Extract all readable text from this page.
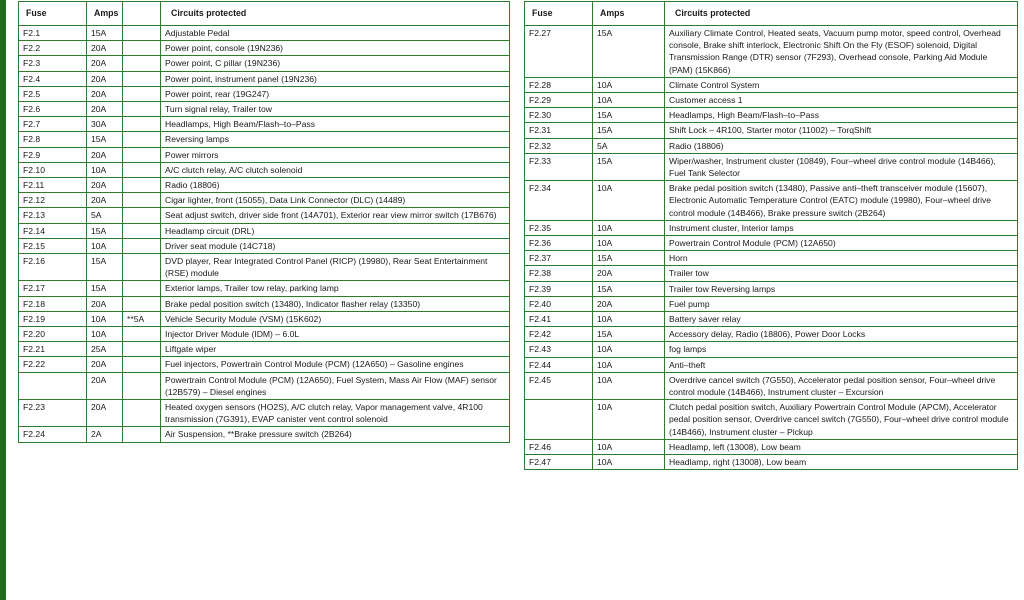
Fuse	Amps		Circuits protected
F2.1	15A		Adjustable Pedal
F2.2	20A		Power point, console (19N236)
F2.3	20A		Power point, C pillar (19N236)
F2.4	20A		Power point, instrument panel (19N236)
F2.5	20A		Power point, rear (19G247)
F2.6	20A		Turn signal relay, Trailer tow
F2.7	30A		Headlamps, High Beam/Flash–to–Pass
F2.8	15A		Reversing lamps
F2.9	20A		Power mirrors
F2.10	10A		A/C clutch relay, A/C clutch solenoid
F2.11	20A		Radio (18806)
F2.12	20A		Cigar lighter, front (15055), Data Link Connector (DLC) (14489)
F2.13	5A		Seat adjust switch, driver side front (14A701), Exterior rear view mirror switch (17B676)
F2.14	15A		Headlamp circuit (DRL)
F2.15	10A		Driver seat module (14C718)
F2.16	15A		DVD player, Rear Integrated Control Panel (RICP) (19980), Rear Seat Entertainment (RSE) module
F2.17	15A		Exterior lamps, Trailer tow relay, parking lamp
F2.18	20A		Brake pedal position switch (13480), Indicator flasher relay (13350)
F2.19	10A	**5A	Vehicle Security Module (VSM) (15K602)
F2.20	10A		Injector Driver Module (IDM) – 6.0L
F2.21	25A		Liftgate wiper
F2.22	20A		Fuel injectors, Powertrain Control Module (PCM) (12A650) – Gasoline engines
	20A		Powertrain Control Module (PCM) (12A650), Fuel System, Mass Air Flow (MAF) sensor (12B579) – Diesel engines
F2.23	20A		Heated oxygen sensors (HO2S), A/C clutch relay, Vapor management valve, 4R100 transmission (7G391), EVAP canister vent control solenoid
F2.24	2A		Air Suspension, **Brake pressure switch (2B264)
Fuse	Amps	Circuits protected
F2.27	15A	Auxiliary Climate Control, Heated seats, Vacuum pump motor, speed control, Overhead console, Brake shift interlock, Electronic Shift On the Fly (ESOF) solenoid, Digital Transmission Range (DTR) sensor (7F293), Overhead console, Parking Aid Module (PAM) (15K866)
F2.28	10A	Climate Control System
F2.29	10A	Customer access 1
F2.30	15A	Headlamps, High Beam/Flash–to–Pass
F2.31	15A	Shift Lock – 4R100, Starter motor (11002) – TorqShift
F2.32	5A	Radio (18806)
F2.33	15A	Wiper/washer, Instrument cluster (10849), Four–wheel drive control module (14B466), Fuel Tank Selector
F2.34	10A	Brake pedal position switch (13480), Passive anti–theft transceiver module (15607), Electronic Automatic Temperature Control (EATC) module (19980), Four–wheel drive control module (14B466), Brake pressure switch (2B264)
F2.35	10A	Instrument cluster, Interior lamps
F2.36	10A	Powertrain Control Module (PCM) (12A650)
F2.37	15A	Horn
F2.38	20A	Trailer tow
F2.39	15A	Trailer tow Reversing lamps
F2.40	20A	Fuel pump
F2.41	10A	Battery saver relay
F2.42	15A	Accessory delay, Radio (18806), Power Door Locks
F2.43	10A	fog lamps
F2.44	10A	Anti–theft
F2.45	10A	Overdrive cancel switch (7G550), Accelerator pedal position sensor, Four–wheel drive control module (14B466), Instrument cluster – Excursion
	10A	Clutch pedal position switch, Auxiliary Powertrain Control Module (APCM), Accelerator pedal position sensor, Overdrive cancel switch (7G550), Four–wheel drive control module (14B466), Instrument cluster – Pickup
F2.46	10A	Headlamp, left (13008), Low beam
F2.47	10A	Headlamp, right (13008), Low beam
